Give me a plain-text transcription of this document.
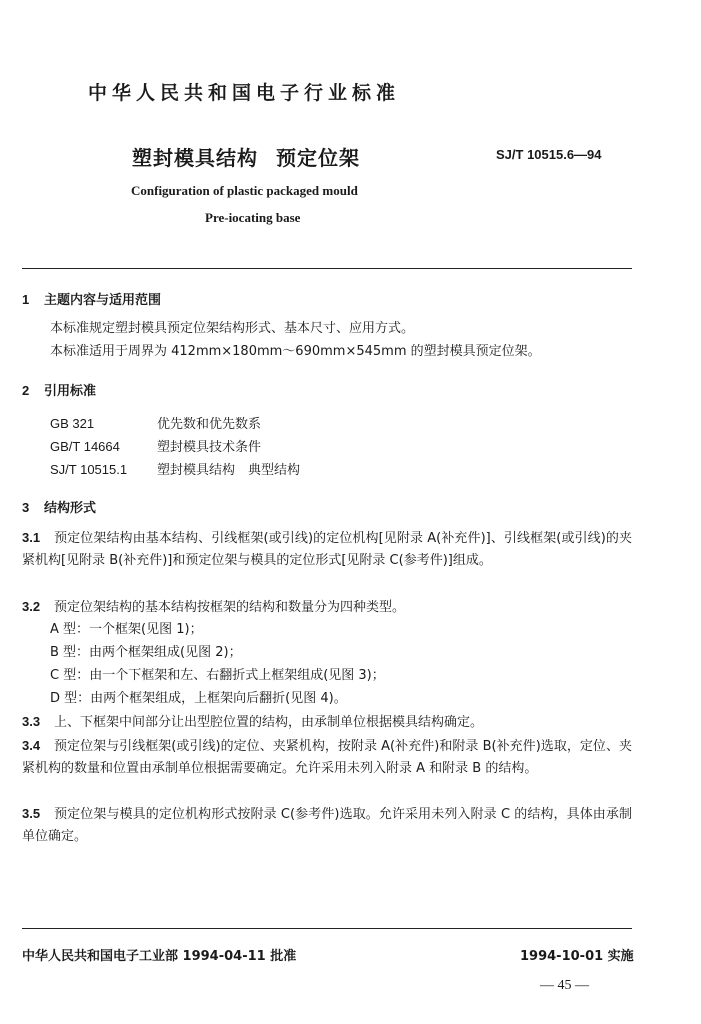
中华人民共和国电子行业标准
塑封模具结构 预定位架	SJ/T 10515.6—94
Configuration of plastic packaged mould
Pre-iocating base
1 主题内容与适用范围
本标准规定塑封模具预定位架结构形式、基本尺寸、应用方式。
本标准适用于周界为 412mm×180mm～690mm×545mm 的塑封模具预定位架。
2 引用标准
GB 321	优先数和优先数系
GB/T 14664	塑封模具技术条件
SJ/T 10515.1 塑封模具结构　典型结构
3 结构形式
3.1 预定位架结构由基本结构、引线框架(或引线)的定位机构[见附录 A(补充件)]、引线框架(或引线)的夹紧机构[见附录 B(补充件)]和预定位架与模具的定位形式[见附录 C(参考件)]组成。
3.2 预定位架结构的基本结构按框架的结构和数量分为四种类型。
A 型：一个框架(见图 1)；
B 型：由两个框架组成(见图 2)；
C 型：由一个下框架和左、右翻折式上框架组成(见图 3)；
D 型：由两个框架组成，上框架向后翻折(见图 4)。
3.3 上、下框架中间部分让出型腔位置的结构，由承制单位根据模具结构确定。
3.4 预定位架与引线框架(或引线)的定位、夹紧机构，按附录 A(补充件)和附录 B(补充件)选取，定位、夹紧机构的数量和位置由承制单位根据需要确定。允许采用未列入附录 A 和附录 B 的结构。
3.5 预定位架与模具的定位机构形式按附录 C(参考件)选取。允许采用未列入附录 C 的结构，具体由承制单位确定。
中华人民共和国电子工业部 1994-04-11 批准	1994-10-01 实施
— 45 —
